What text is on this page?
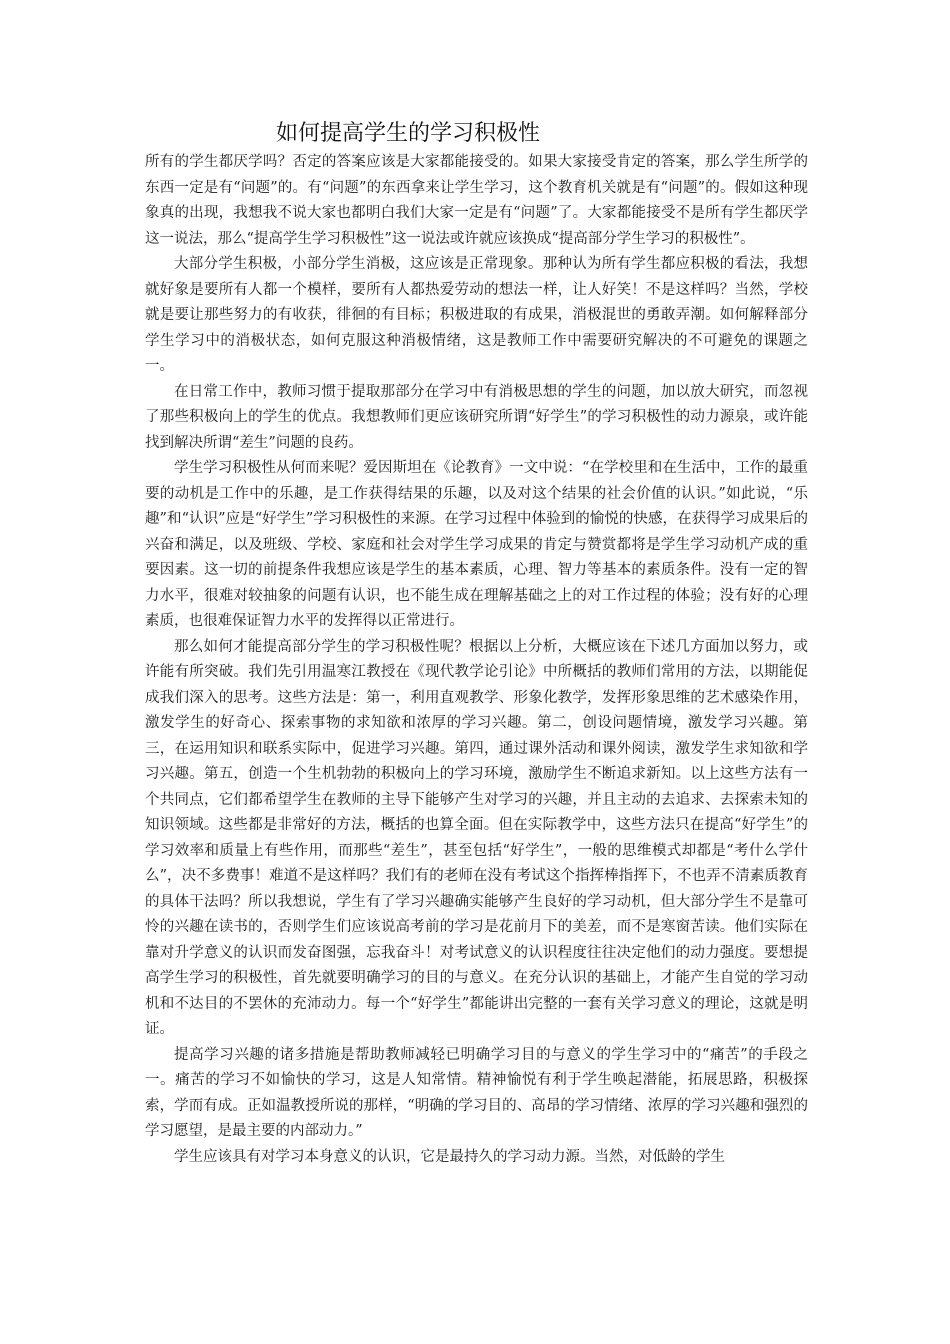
如何提高学生的学习积极性

所有的学生都厌学吗？否定的答案应该是大家都能接受的。如果大家接受肯定的答案，那么学生所学的东西一定是有“问题”的。有“问题”的东西拿来让学生学习，这个教育机关就是有“问题”的。假如这种现象真的出现，我想我不说大家也都明白我们大家一定是有“问题”了。大家都能接受不是所有学生都厌学这一说法，那么“提高学生学习积极性”这一说法或许就应该换成“提高部分学生学习的积极性”。

大部分学生积极，小部分学生消极，这应该是正常现象。那种认为所有学生都应积极的看法，我想就好象是要所有人都一个模样，要所有人都热爱劳动的想法一样，让人好笑！不是这样吗？当然，学校就是要让那些努力的有收获，徘徊的有目标；积极进取的有成果，消极混世的勇敢弄潮。如何解释部分学生学习中的消极状态，如何克服这种消极情绪，这是教师工作中需要研究解决的不可避免的课题之一。

在日常工作中，教师习惯于提取那部分在学习中有消极思想的学生的问题，加以放大研究，而忽视了那些积极向上的学生的优点。我想教师们更应该研究所谓“好学生”的学习积极性的动力源泉，或许能找到解决所谓“差生”问题的良药。

学生学习积极性从何而来呢？爱因斯坦在《论教育》一文中说：“在学校里和在生活中，工作的最重要的动机是工作中的乐趣，是工作获得结果的乐趣，以及对这个结果的社会价值的认识。”如此说，“乐趣”和“认识”应是“好学生”学习积极性的来源。在学习过程中体验到的愉悦的快感，在获得学习成果后的兴奋和满足，以及班级、学校、家庭和社会对学生学习成果的肯定与赞赏都将是学生学习动机产成的重要因素。这一切的前提条件我想应该是学生的基本素质，心理、智力等基本的素质条件。没有一定的智力水平，很难对较抽象的问题有认识，也不能生成在理解基础之上的对工作过程的体验；没有好的心理素质，也很难保证智力水平的发挥得以正常进行。

那么如何才能提高部分学生的学习积极性呢？根据以上分析，大概应该在下述几方面加以努力，或许能有所突破。我们先引用温寒江教授在《现代教学论引论》中所概括的教师们常用的方法，以期能促成我们深入的思考。这些方法是：第一，利用直观教学、形象化教学，发挥形象思维的艺术感染作用，激发学生的好奇心、探索事物的求知欲和浓厚的学习兴趣。第二，创设问题情境，激发学习兴趣。第三，在运用知识和联系实际中，促进学习兴趣。第四，通过课外活动和课外阅读，激发学生求知欲和学习兴趣。第五，创造一个生机勃勃的积极向上的学习环境，激励学生不断追求新知。以上这些方法有一个共同点，它们都希望学生在教师的主导下能够产生对学习的兴趣，并且主动的去追求、去探索未知的知识领域。这些都是非常好的方法，概括的也算全面。但在实际教学中，这些方法只在提高“好学生”的学习效率和质量上有些作用，而那些“差生”，甚至包括“好学生”，一般的思维模式却都是“考什么学什么”，决不多费事！难道不是这样吗？我们有的老师在没有考试这个指挥棒指挥下，不也弄不清素质教育的具体干法吗？所以我想说，学生有了学习兴趣确实能够产生良好的学习动机，但大部分学生不是靠可怜的兴趣在读书的，否则学生们应该说高考前的学习是花前月下的美差，而不是寒窗苦读。他们实际在靠对升学意义的认识而发奋图强，忘我奋斗！对考试意义的认识程度往往决定他们的动力强度。要想提高学生学习的积极性，首先就要明确学习的目的与意义。在充分认识的基础上，才能产生自觉的学习动机和不达目的不罢休的充沛动力。每一个“好学生”都能讲出完整的一套有关学习意义的理论，这就是明证。

提高学习兴趣的诸多措施是帮助教师减轻已明确学习目的与意义的学生学习中的“痛苦”的手段之一。痛苦的学习不如愉快的学习，这是人知常情。精神愉悦有利于学生唤起潜能，拓展思路，积极探索，学而有成。正如温教授所说的那样，“明确的学习目的、高昂的学习情绪、浓厚的学习兴趣和强烈的学习愿望，是最主要的内部动力。”

学生应该具有对学习本身意义的认识，它是最持久的学习动力源。当然，对低龄的学生
